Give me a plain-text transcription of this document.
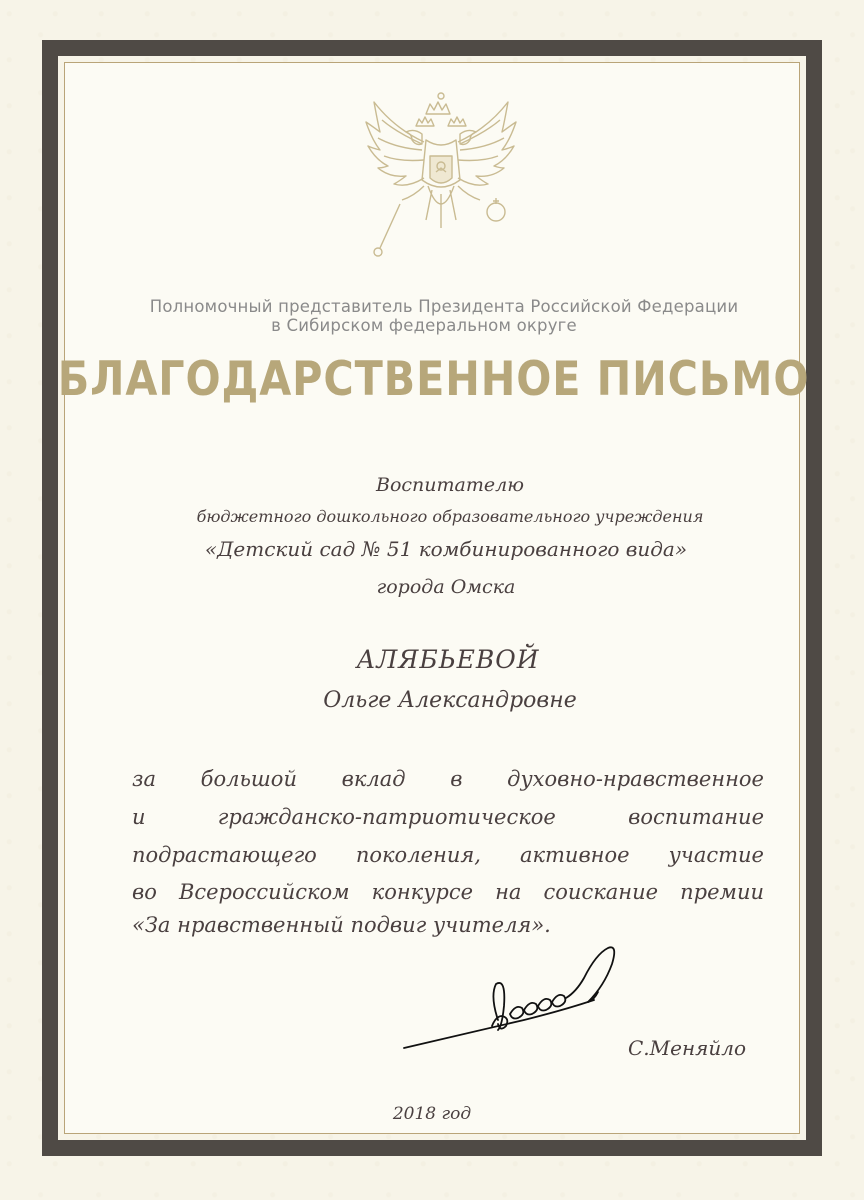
Полномочный представитель Президента Российской Федерации
в Сибирском федеральном округе
БЛАГОДАРСТВЕННОЕ ПИСЬМО
Воспитателю
бюджетного дошкольного образовательного учреждения
«Детский сад № 51 комбинированного вида»
города Омска
АЛЯБЬЕВОЙ
Ольге Александровне
за большой вклад в духовно-нравственное
и гражданско-патриотическое воспитание
подрастающего поколения, активное участие
во Всероссийском конкурсе на соискание премии
«За нравственный подвиг учителя».
С.Меняйло
2018 год
